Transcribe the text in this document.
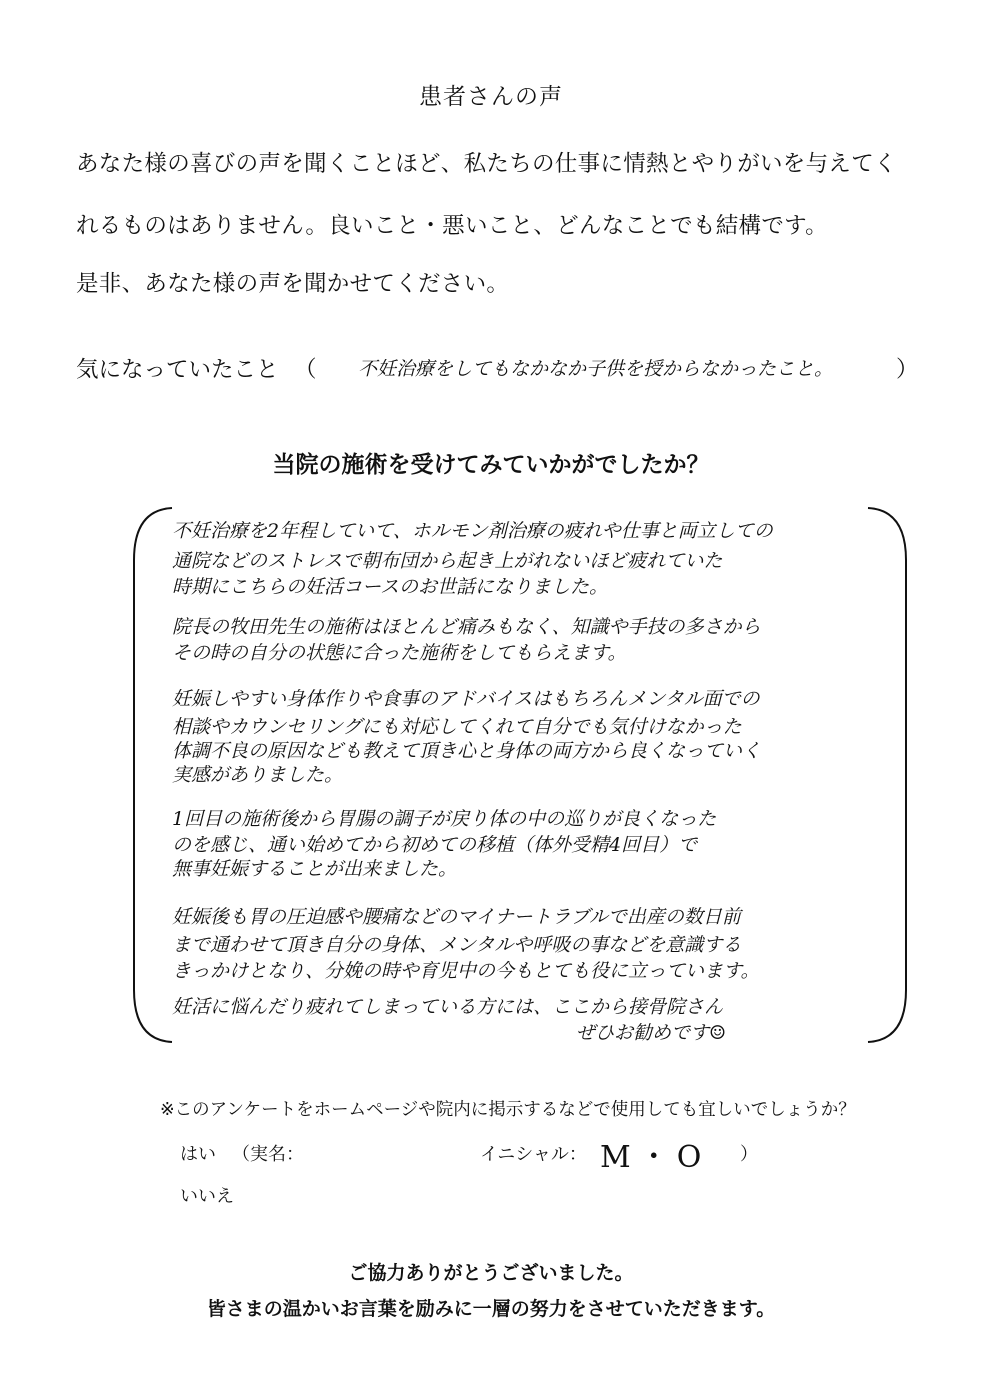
患者さんの声
あなた様の喜びの声を聞くことほど、私たちの仕事に情熱とやりがいを与えてく
れるものはありません。良いこと・悪いこと、どんなことでも結構です。
是非、あなた様の声を聞かせてください。
気になっていたこと （ 不妊治療をしてもなかなか子供を授からなかったこと。	）
当院の施術を受けてみていかがでしたか？
不妊治療を2年程していて、ホルモン剤治療の疲れや仕事と両立しての
通院などのストレスで朝布団から起き上がれないほど疲れていた
時期にこちらの妊活コースのお世話になりました。
院長の牧田先生の施術はほとんど痛みもなく、知識や手技の多さから
その時の自分の状態に合った施術をしてもらえます。
妊娠しやすい身体作りや食事のアドバイスはもちろんメンタル面での
相談やカウンセリングにも対応してくれて自分でも気付けなかった
体調不良の原因なども教えて頂き心と身体の両方から良くなっていく
実感がありました。
1回目の施術後から胃腸の調子が戻り体の中の巡りが良くなった
のを感じ、通い始めてから初めての移植（体外受精4回目）で
無事妊娠することが出来ました。
妊娠後も胃の圧迫感や腰痛などのマイナートラブルで出産の数日前
まで通わせて頂き自分の身体、メンタルや呼吸の事などを意識する
きっかけとなり、分娩の時や育児中の今もとても役に立っています。
妊活に悩んだり疲れてしまっている方には、ここから接骨院さん
ぜひお勧めです☺
※このアンケートをホームページや院内に掲示するなどで使用しても宜しいでしょうか？
はい （実名：	イニシャル： M・O ）
いいえ
ご協力ありがとうございました。
皆さまの温かいお言葉を励みに一層の努力をさせていただきます。
